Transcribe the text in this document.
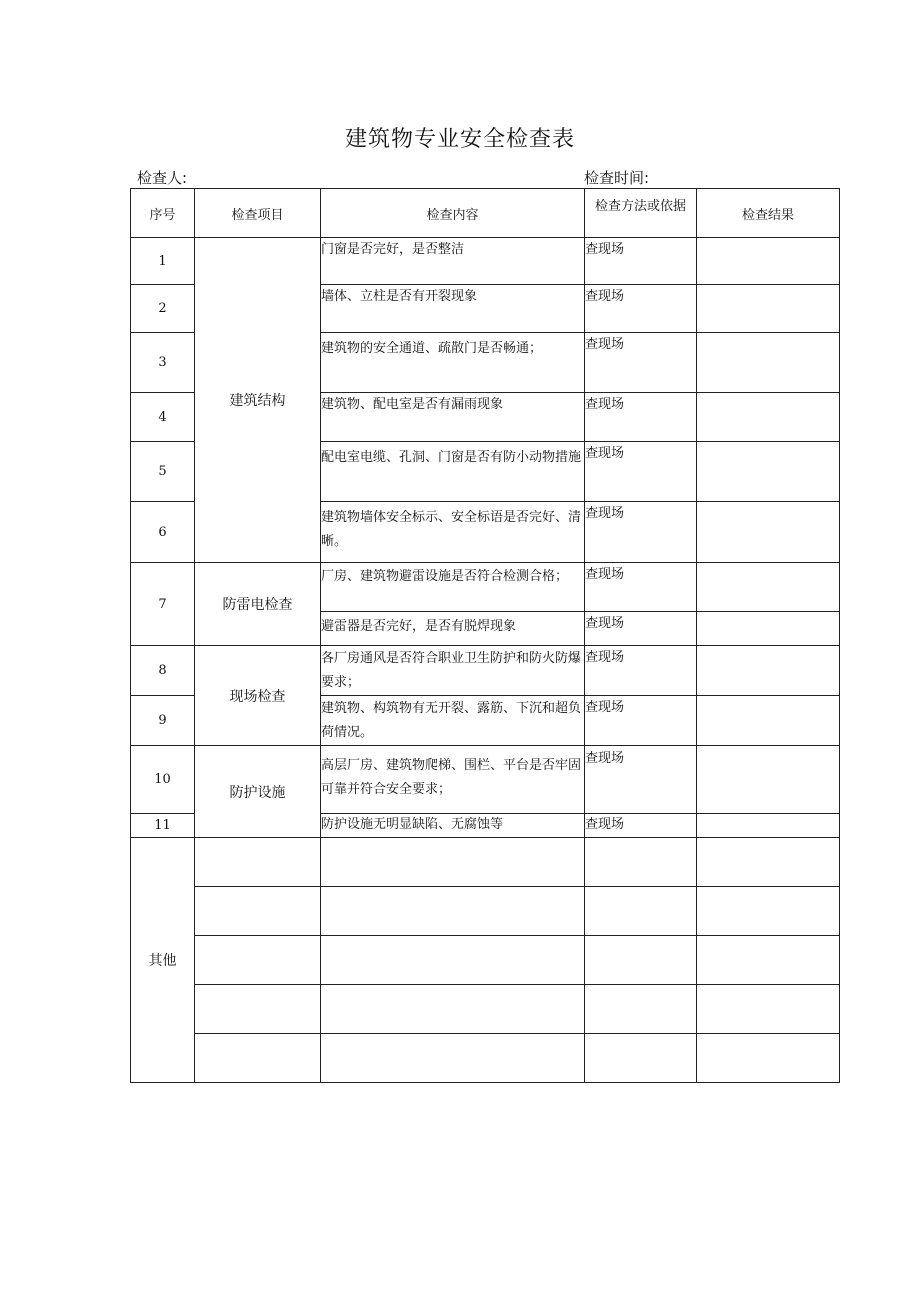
建筑物专业安全检查表
检查人:	检查时间:
序号	检查项目	检查内容	检查方法或依据	检查结果
1	建筑结构	门窗是否完好，是否整洁	查现场	
2		墙体、立柱是否有开裂现象	查现场	
3		建筑物的安全通道、疏散门是否畅通；	查现场	
4		建筑物、配电室是否有漏雨现象	查现场	
5		配电室电缆、孔洞、门窗是否有防小动物措施	查现场	
6		建筑物墙体安全标示、安全标语是否完好、清晰。	查现场	
7	防雷电检查	厂房、建筑物避雷设施是否符合检测合格；	查现场	
		避雷器是否完好，是否有脱焊现象	查现场	
8	现场检查	各厂房通风是否符合职业卫生防护和防火防爆要求；	查现场	
9		建筑物、构筑物有无开裂、露筋、下沉和超负荷情况。	查现场	
10	防护设施	高层厂房、建筑物爬梯、围栏、平台是否牢固可靠并符合安全要求；	查现场	
11		防护设施无明显缺陷、无腐蚀等	查现场	
其他				
